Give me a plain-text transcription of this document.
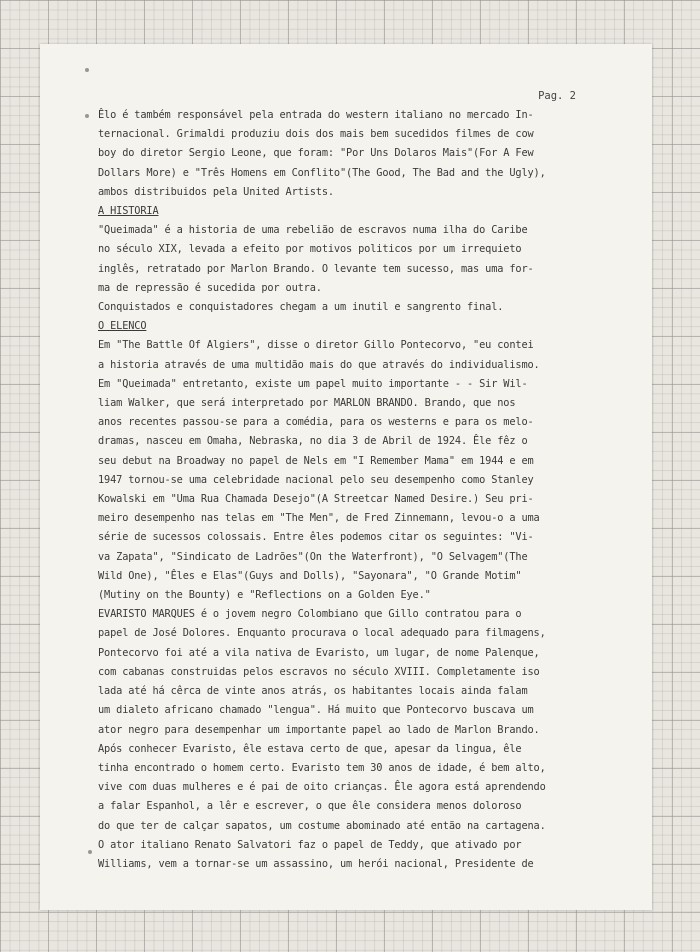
Pag. 2

Êlo é também responsável pela entrada do western italiano no mercado In-

ternacional. Grimaldi produziu dois dos mais bem sucedidos filmes de cow

boy do diretor Sergio Leone, que foram: "Por Uns Dolaros Mais"(For A Few

Dollars More) e "Três Homens em Conflito"(The Good, The Bad and the Ugly),

ambos distribuidos pela United Artists.

A HISTORIA

"Queimada" é a historia de uma rebelião de escravos numa ilha do Caribe

no século XIX, levada a efeito por motivos politicos por um irrequieto

inglês, retratado por Marlon Brando. O levante tem sucesso, mas uma for-

ma de repressão é sucedida por outra.

Conquistados e conquistadores chegam a um inutil e sangrento final.

O ELENCO

Em "The Battle Of Algiers", disse o diretor Gillo Pontecorvo, "eu contei

a historia através de uma multidão mais do que através do individualismo.

Em "Queimada" entretanto, existe um papel muito importante - - Sir Wil-

liam Walker, que será interpretado por MARLON BRANDO. Brando, que nos

anos recentes passou-se para a comédia, para os westerns e para os melo-

dramas, nasceu em Omaha, Nebraska, no dia 3 de Abril de 1924. Êle fêz o

seu debut na Broadway no papel de Nels em "I Remember Mama" em 1944 e em

1947 tornou-se uma celebridade nacional pelo seu desempenho como Stanley

Kowalski em "Uma Rua Chamada Desejo"(A Streetcar Named Desire.) Seu pri-

meiro desempenho nas telas em "The Men", de Fred Zinnemann, levou-o a uma

série de sucessos colossais. Entre êles podemos citar os seguintes: "Vi-

va Zapata", "Sindicato de Ladrões"(On the Waterfront), "O Selvagem"(The

Wild One), "Êles e Elas"(Guys and Dolls), "Sayonara", "O Grande Motim"

(Mutiny on the Bounty) e "Reflections on a Golden Eye."

EVARISTO MARQUES é o jovem negro Colombiano que Gillo contratou para o

papel de José Dolores. Enquanto procurava o local adequado para filmagens,

Pontecorvo foi até a vila nativa de Evaristo, um lugar, de nome Palenque,

com cabanas construidas pelos escravos no século XVIII. Completamente iso

lada até há cêrca de vinte anos atrás, os habitantes locais ainda falam

um dialeto africano chamado "lengua". Há muito que Pontecorvo buscava um

ator negro para desempenhar um importante papel ao lado de Marlon Brando.

Após conhecer Evaristo, êle estava certo de que, apesar da lingua, êle

tinha encontrado o homem certo. Evaristo tem 30 anos de idade, é bem alto,

vive com duas mulheres e é pai de oito crianças. Êle agora está aprendendo

a falar Espanhol, a lêr e escrever, o que êle considera menos doloroso

do que ter de calçar sapatos, um costume abominado até então na cartagena.

O ator italiano Renato Salvatori faz o papel de Teddy, que ativado por

Williams, vem a tornar-se um assassino, um herói nacional, Presidente de
